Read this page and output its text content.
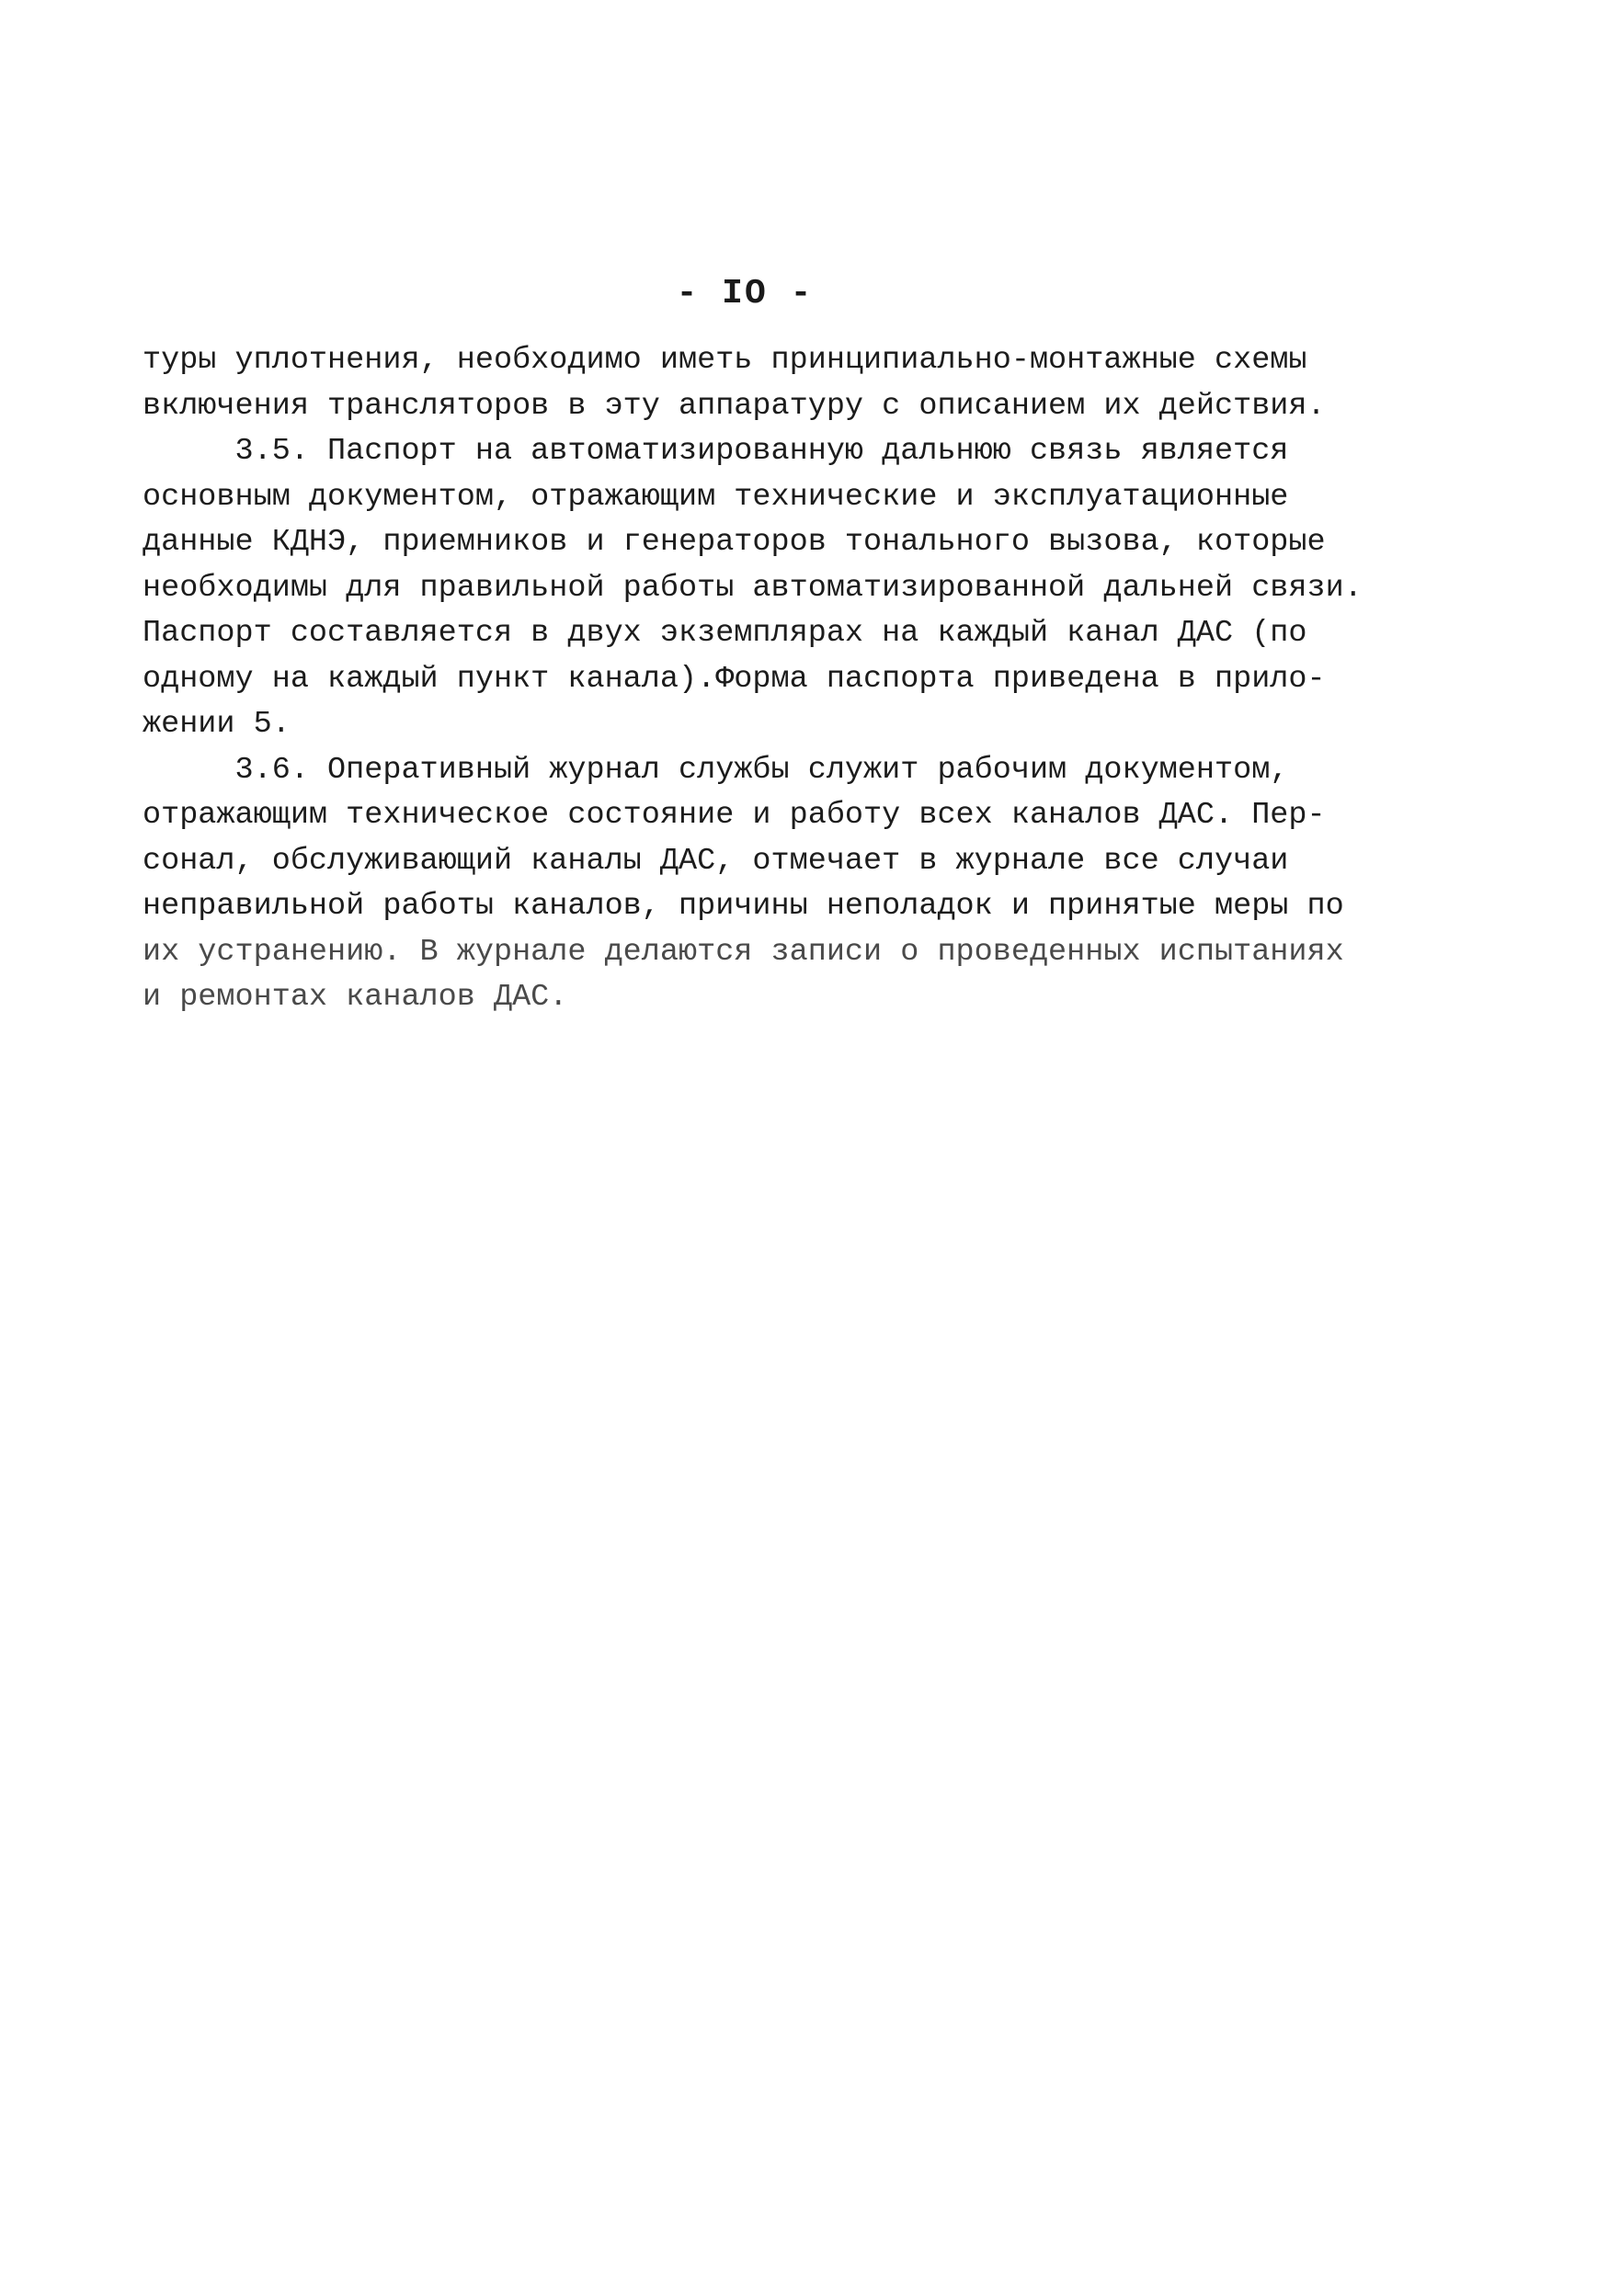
- IO -
туры уплотнения, необходимо иметь принципиально-монтажные схемы
включения трансляторов в эту аппаратуру с описанием их действия.
3.5. Паспорт на автоматизированную дальнюю связь является
основным документом, отражающим технические и эксплуатационные
данные КДНЭ, приемников и генераторов тонального вызова, которые
необходимы для правильной работы автоматизированной дальней связи.
Паспорт составляется в двух экземплярах на каждый канал ДАС (по
одному на каждый пункт канала).Форма паспорта приведена в прило-
жении 5.
3.6. Оперативный журнал службы служит рабочим документом,
отражающим техническое состояние и работу всех каналов ДАС. Пер-
сонал, обслуживающий каналы ДАС, отмечает в журнале все случаи
неправильной работы каналов, причины неполадок и принятые меры по
их устранению. В журнале делаются записи о проведенных испытаниях
и ремонтах каналов ДАС.
